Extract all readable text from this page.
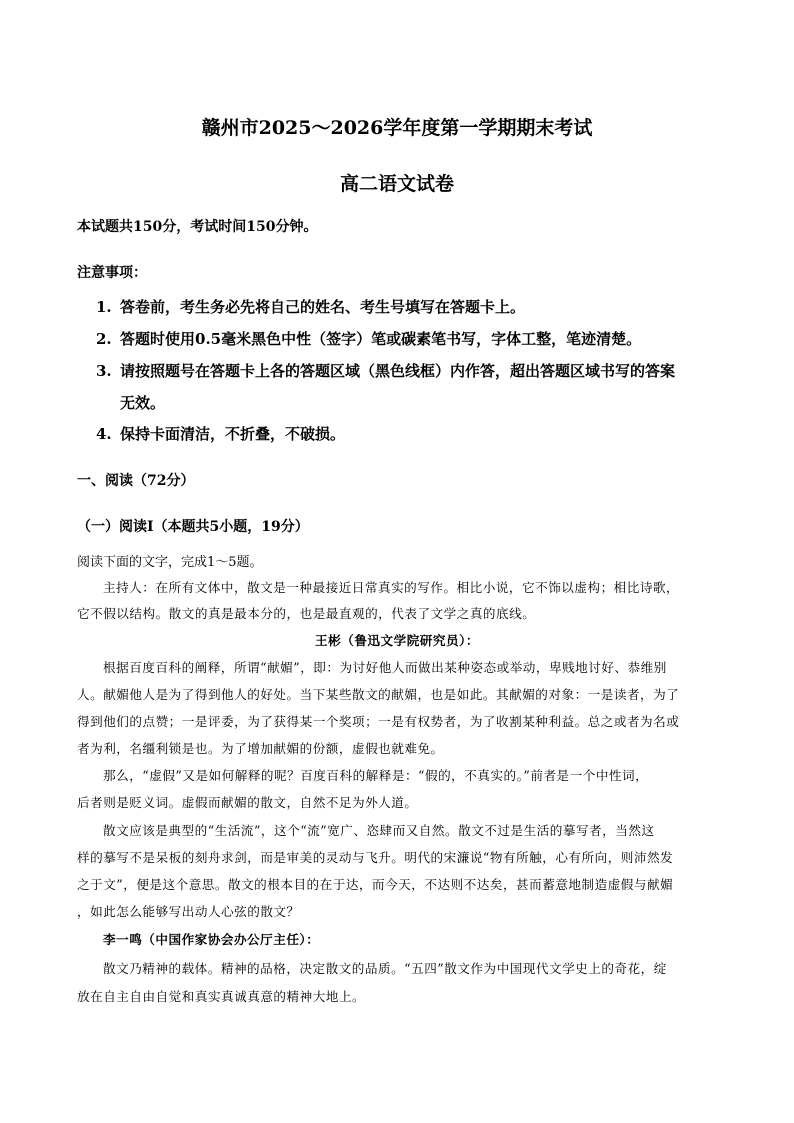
赣州市2025～2026学年度第一学期期末考试
高二语文试卷
本试题共150分，考试时间150分钟。
注意事项：
1. 答卷前，考生务必先将自己的姓名、考生号填写在答题卡上。
2. 答题时使用0.5毫米黑色中性（签字）笔或碳素笔书写，字体工整，笔迹清楚。
3. 请按照题号在答题卡上各的答题区域（黑色线框）内作答，超出答题区域书写的答案
无效。
4. 保持卡面清洁，不折叠，不破损。
一、阅读（72分）
（一）阅读Ⅰ（本题共5小题，19分）
阅读下面的文字，完成1～5题。
主持人：在所有文体中，散文是一种最接近日常真实的写作。相比小说，它不饰以虚构；相比诗歌，
它不假以结构。散文的真是最本分的，也是最直观的，代表了文学之真的底线。
王彬（鲁迅文学院研究员）：
根据百度百科的阐释，所谓“献媚”，即：为讨好他人而做出某种姿态或举动，卑贱地讨好、恭维别
人。献媚他人是为了得到他人的好处。当下某些散文的献媚，也是如此。其献媚的对象：一是读者，为了
得到他们的点赞；一是评委，为了获得某一个奖项；一是有权势者，为了收割某种利益。总之或者为名或
者为利，名缰利锁是也。为了增加献媚的份额，虚假也就难免。
那么，“虚假”又是如何解释的呢？百度百科的解释是：“假的，不真实的。”前者是一个中性词，
后者则是贬义词。虚假而献媚的散文，自然不足为外人道。
散文应该是典型的“生活流”，这个“流”宽广、恣肆而又自然。散文不过是生活的摹写者，当然这
样的摹写不是呆板的刻舟求剑，而是审美的灵动与飞升。明代的宋濂说“物有所触，心有所向，则沛然发
之于文”，便是这个意思。散文的根本目的在于达，而今天，不达则不达矣，甚而蓄意地制造虚假与献媚
，如此怎么能够写出动人心弦的散文？
李一鸣（中国作家协会办公厅主任）：
散文乃精神的载体。精神的品格，决定散文的品质。“五四”散文作为中国现代文学史上的奇花，绽
放在自主自由自觉和真实真诚真意的精神大地上。
